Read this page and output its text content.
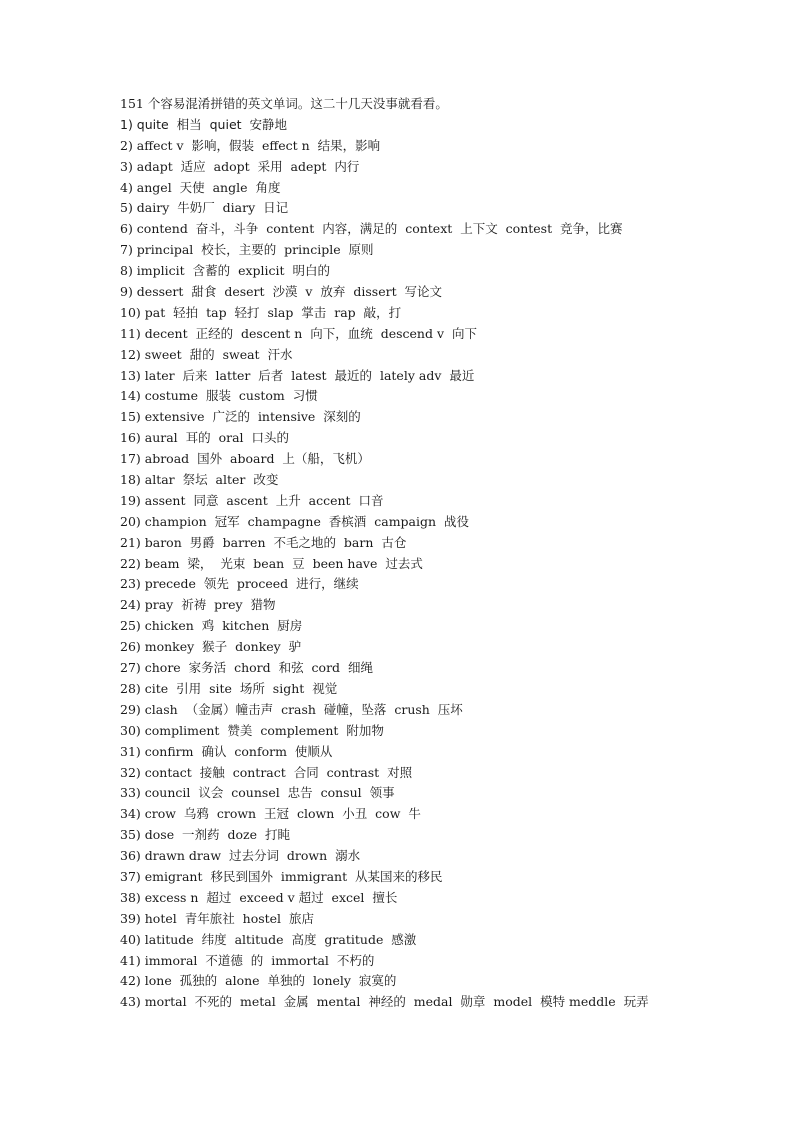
151 个容易混淆拼错的英文单词。这二十几天没事就看看。
1) quite  相当  quiet  安静地
2) affect v  影响，假装  effect n  结果，影响
3) adapt  适应  adopt  采用  adept  内行
4) angel  天使  angle  角度
5) dairy  牛奶厂  diary  日记
6) contend  奋斗，斗争  content  内容，满足的  context  上下文  contest  竞争，比赛
7) principal  校长，主要的  principle  原则
8) implicit  含蓄的  explicit  明白的
9) dessert  甜食  desert  沙漠  v  放弃  dissert  写论文
10) pat  轻拍  tap  轻打  slap  掌击  rap  敲，打
11) decent  正经的  descent n  向下，血统  descend v  向下
12) sweet  甜的  sweat  汗水
13) later  后来  latter  后者  latest  最近的  lately adv  最近
14) costume  服装  custom  习惯
15) extensive  广泛的  intensive  深刻的
16) aural  耳的  oral  口头的
17) abroad  国外  aboard  上（船，飞机）
18) altar  祭坛  alter  改变
19) assent  同意  ascent  上升  accent  口音
20) champion  冠军  champagne  香槟酒  campaign  战役
21) baron  男爵  barren  不毛之地的  barn  古仓
22) beam  梁，  光束  bean  豆  been have  过去式
23) precede  领先  proceed  进行，继续
24) pray  祈祷  prey  猎物
25) chicken  鸡  kitchen  厨房
26) monkey  猴子  donkey  驴
27) chore  家务活  chord  和弦  cord  细绳
28) cite  引用  site  场所  sight  视觉
29) clash  （金属）幢击声  crash  碰幢，坠落  crush  压坏
30) compliment  赞美  complement  附加物
31) confirm  确认  conform  使顺从
32) contact  接触  contract  合同  contrast  对照
33) council  议会  counsel  忠告  consul  领事
34) crow  乌鸦  crown  王冠  clown  小丑  cow  牛
35) dose  一剂药  doze  打盹
36) drawn draw  过去分词  drown  溺水
37) emigrant  移民到国外  immigrant  从某国来的移民
38) excess n  超过  exceed v 超过  excel  擅长
39) hotel  青年旅社  hostel  旅店
40) latitude  纬度  altitude  高度  gratitude  感激
41) immoral  不道德  的  immortal  不朽的
42) lone  孤独的  alone  单独的  lonely  寂寞的
43) mortal  不死的  metal  金属  mental  神经的  medal  勋章  model  模特 meddle  玩弄
